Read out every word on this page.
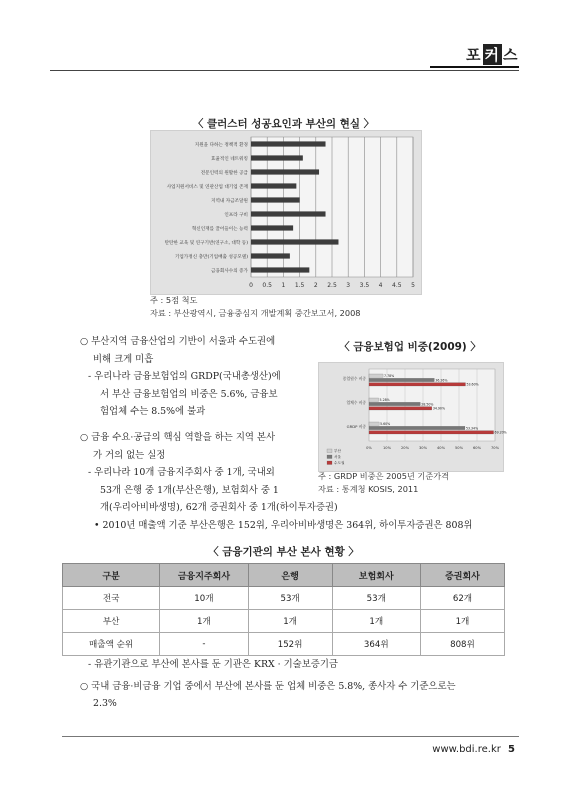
포 커 스
〈 클러스터 성공요인과 부산의 현실 〉
0 0.5 1 1.5 2 2.5 3 3.5 4 4.5 5
지원을 다하는 정책적 환경
효율적인 네트워킹
전문인력의 원활한 공급
사업지원서비스 및 연관산업 대기업 존재
지역내 자금조달원
인프라 구비
혁신인재를 끌어들이는 능력
탄탄한 교육 및 연구기반(연구소, 대학 등)
기업가정신 충만(기업배출 성공모델)
금융회사수의 증가
주 : 5점 척도
자료 : 부산광역시, 금융중심지 개발계획 중간보고서, 2008
○ 부산지역 금융산업의 기반이 서울과 수도권에
비해 크게 미흡
- 우리나라 금융보험업의 GRDP(국내총생산)에
서 부산 금융보험업의 비중은 5.6%, 금융보
험업체 수는 8.5%에 불과
○ 금융 수요·공급의 핵심 역할을 하는 지역 본사
가 거의 없는 실정
- 우리나라 10개 금융지주회사 중 1개, 국내외
53개 은행 중 1개(부산은행), 보험회사 중 1
개(우리아비바생명), 62개 증권회사 중 1개(하이투자증권)
• 2010년 매출액 기준 부산은행은 152위, 우리아비바생명은 364위, 하이투자증권은 808위
〈 금융보험업 비중(2009) 〉
0%	10%	20%	30%	40%	50%	60%	70%
종업원수 비중	7.78%
36.26%
53.60%
업체수 비중	5.28%
28.50%
34.90%
GRDP 비중	5.60%
53.34%
69.20%
부산
서울
수도권
주 : GRDP 비중은 2005년 기준가격
자료 : 통계청 KOSIS, 2011
〈 금융기관의 부산 본사 현황 〉
구분	금융지주회사	은행	보험회사	증권회사
전국	10개	53개	53개	62개
부산	1개	1개	1개	1개
매출액 순위	-	152위	364위	808위
- 유관기관으로 부산에 본사를 둔 기관은 KRX · 기술보증기금
○ 국내 금융·비금융 기업 중에서 부산에 본사를 둔 업체 비중은 5.8%, 종사자 수 기준으로는
2.3%
www.bdi.re.kr 5
